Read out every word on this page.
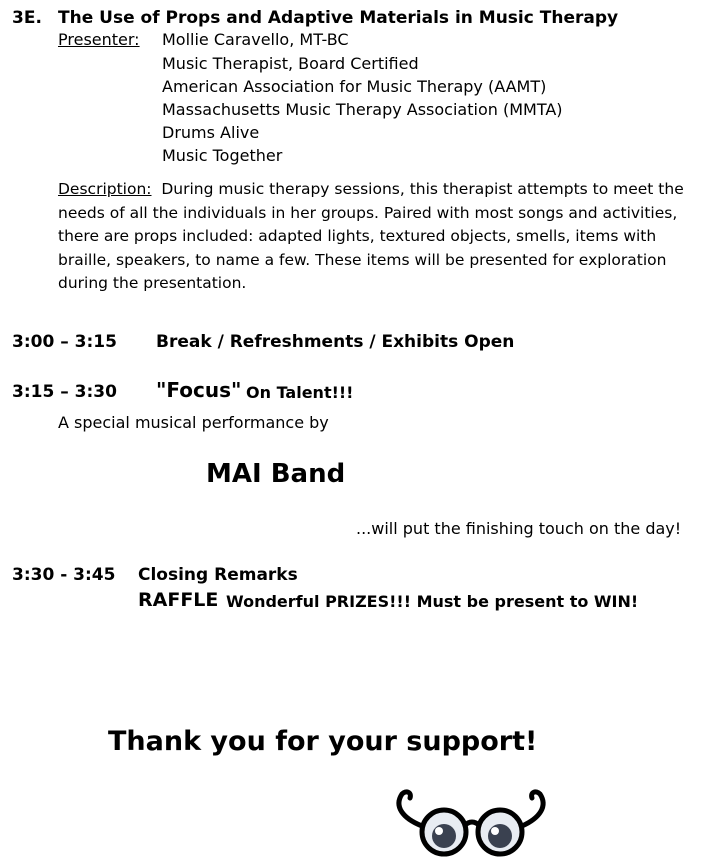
3E. The Use of Props and Adaptive Materials in Music Therapy
Presenter: Mollie Caravello, MT-BC
Music Therapist, Board Certified
American Association for Music Therapy (AAMT)
Massachusetts Music Therapy Association (MMTA)
Drums Alive
Music Together
Description: During music therapy sessions, this therapist attempts to meet the needs of all the individuals in her groups. Paired with most songs and activities, there are props included: adapted lights, textured objects, smells, items with braille, speakers, to name a few. These items will be presented for exploration during the presentation.
3:00 – 3:15 Break / Refreshments / Exhibits Open
3:15 – 3:30 "Focus" On Talent!!!
A special musical performance by
MAI Band
...will put the finishing touch on the day!
3:30 - 3:45 Closing Remarks
RAFFLE Wonderful PRIZES!!! Must be present to WIN!
Thank you for your support!
